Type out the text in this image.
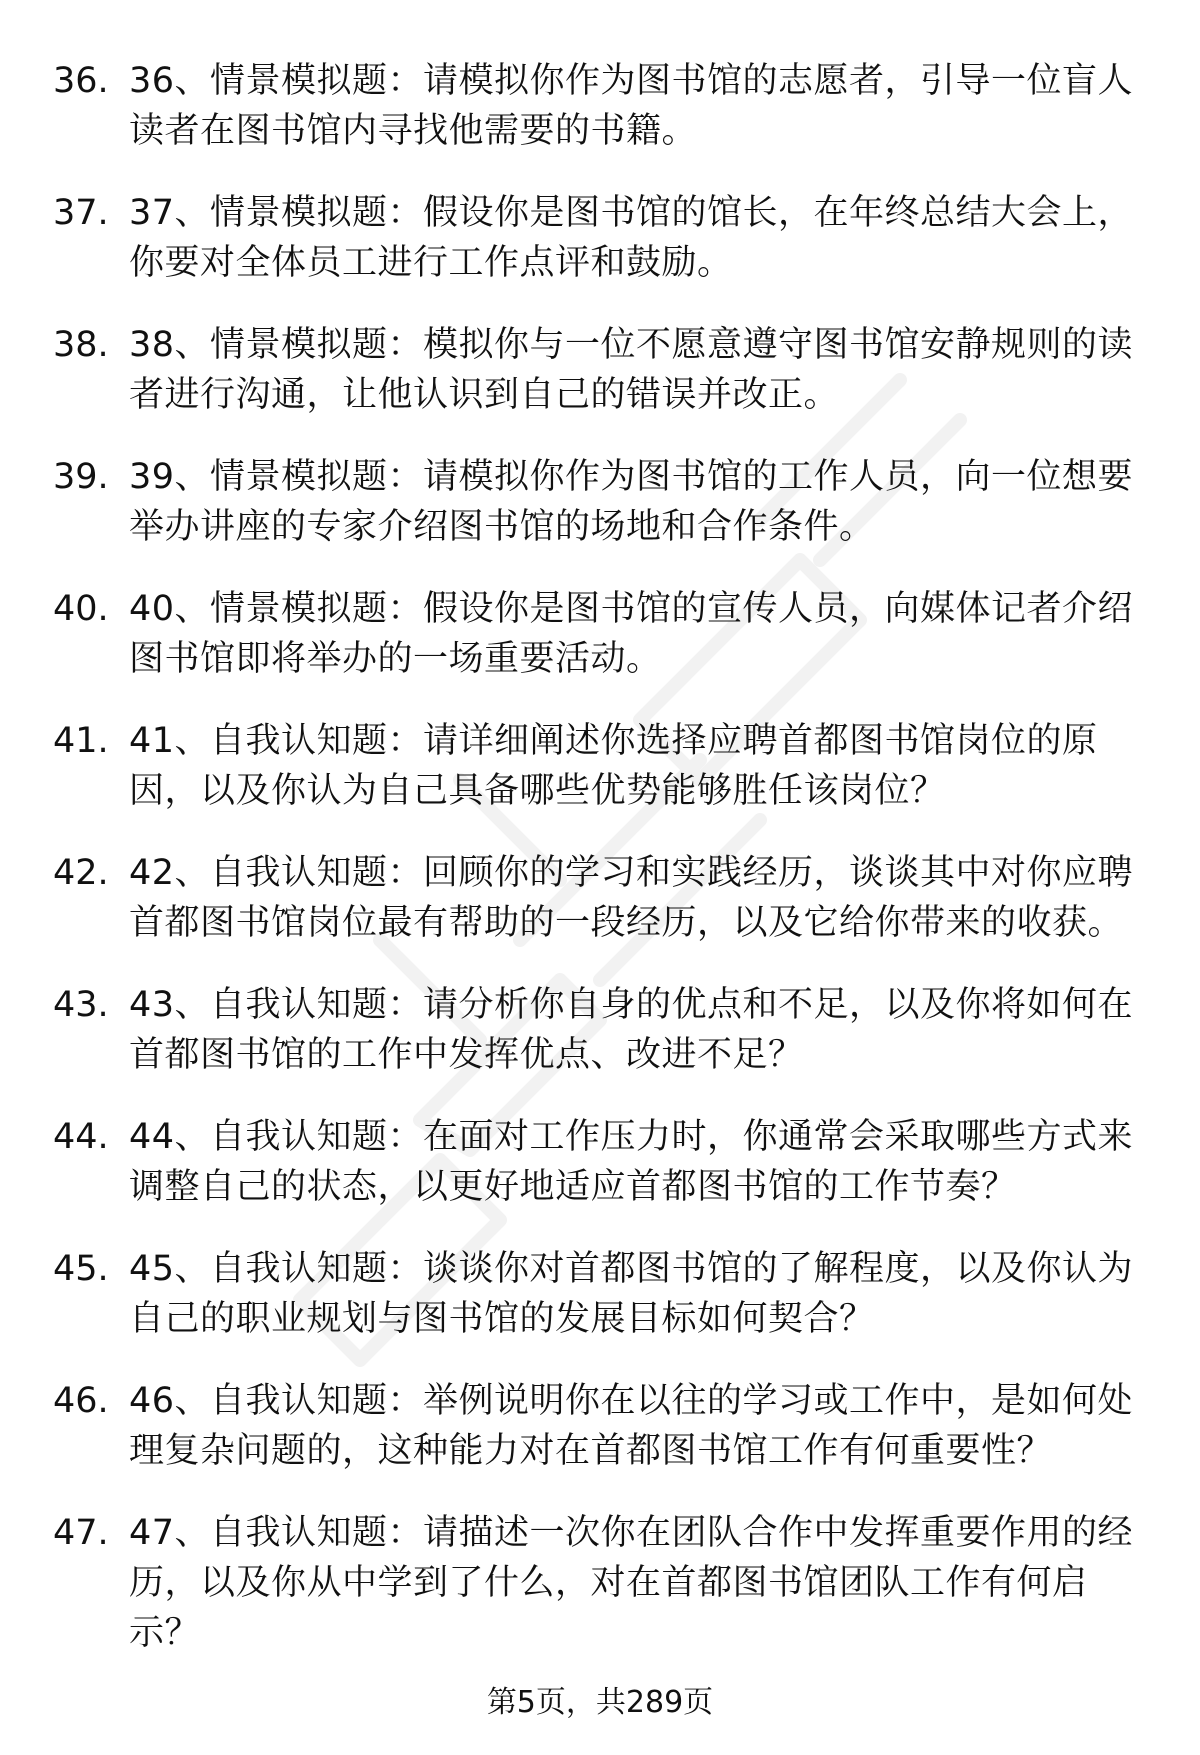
36. 36、情景模拟题：请模拟你作为图书馆的志愿者，引导一位盲人读者在图书馆内寻找他需要的书籍。
37. 37、情景模拟题：假设你是图书馆的馆长，在年终总结大会上，你要对全体员工进行工作点评和鼓励。
38. 38、情景模拟题：模拟你与一位不愿意遵守图书馆安静规则的读者进行沟通，让他认识到自己的错误并改正。
39. 39、情景模拟题：请模拟你作为图书馆的工作人员，向一位想要举办讲座的专家介绍图书馆的场地和合作条件。
40. 40、情景模拟题：假设你是图书馆的宣传人员，向媒体记者介绍图书馆即将举办的一场重要活动。
41. 41、自我认知题：请详细阐述你选择应聘首都图书馆岗位的原因，以及你认为自己具备哪些优势能够胜任该岗位？
42. 42、自我认知题：回顾你的学习和实践经历，谈谈其中对你应聘首都图书馆岗位最有帮助的一段经历，以及它给你带来的收获。
43. 43、自我认知题：请分析你自身的优点和不足，以及你将如何在首都图书馆的工作中发挥优点、改进不足？
44. 44、自我认知题：在面对工作压力时，你通常会采取哪些方式来调整自己的状态，以更好地适应首都图书馆的工作节奏？
45. 45、自我认知题：谈谈你对首都图书馆的了解程度，以及你认为自己的职业规划与图书馆的发展目标如何契合？
46. 46、自我认知题：举例说明你在以往的学习或工作中，是如何处理复杂问题的，这种能力对在首都图书馆工作有何重要性？
47. 47、自我认知题：请描述一次你在团队合作中发挥重要作用的经历，以及你从中学到了什么，对在首都图书馆团队工作有何启示？
第5页，共289页
